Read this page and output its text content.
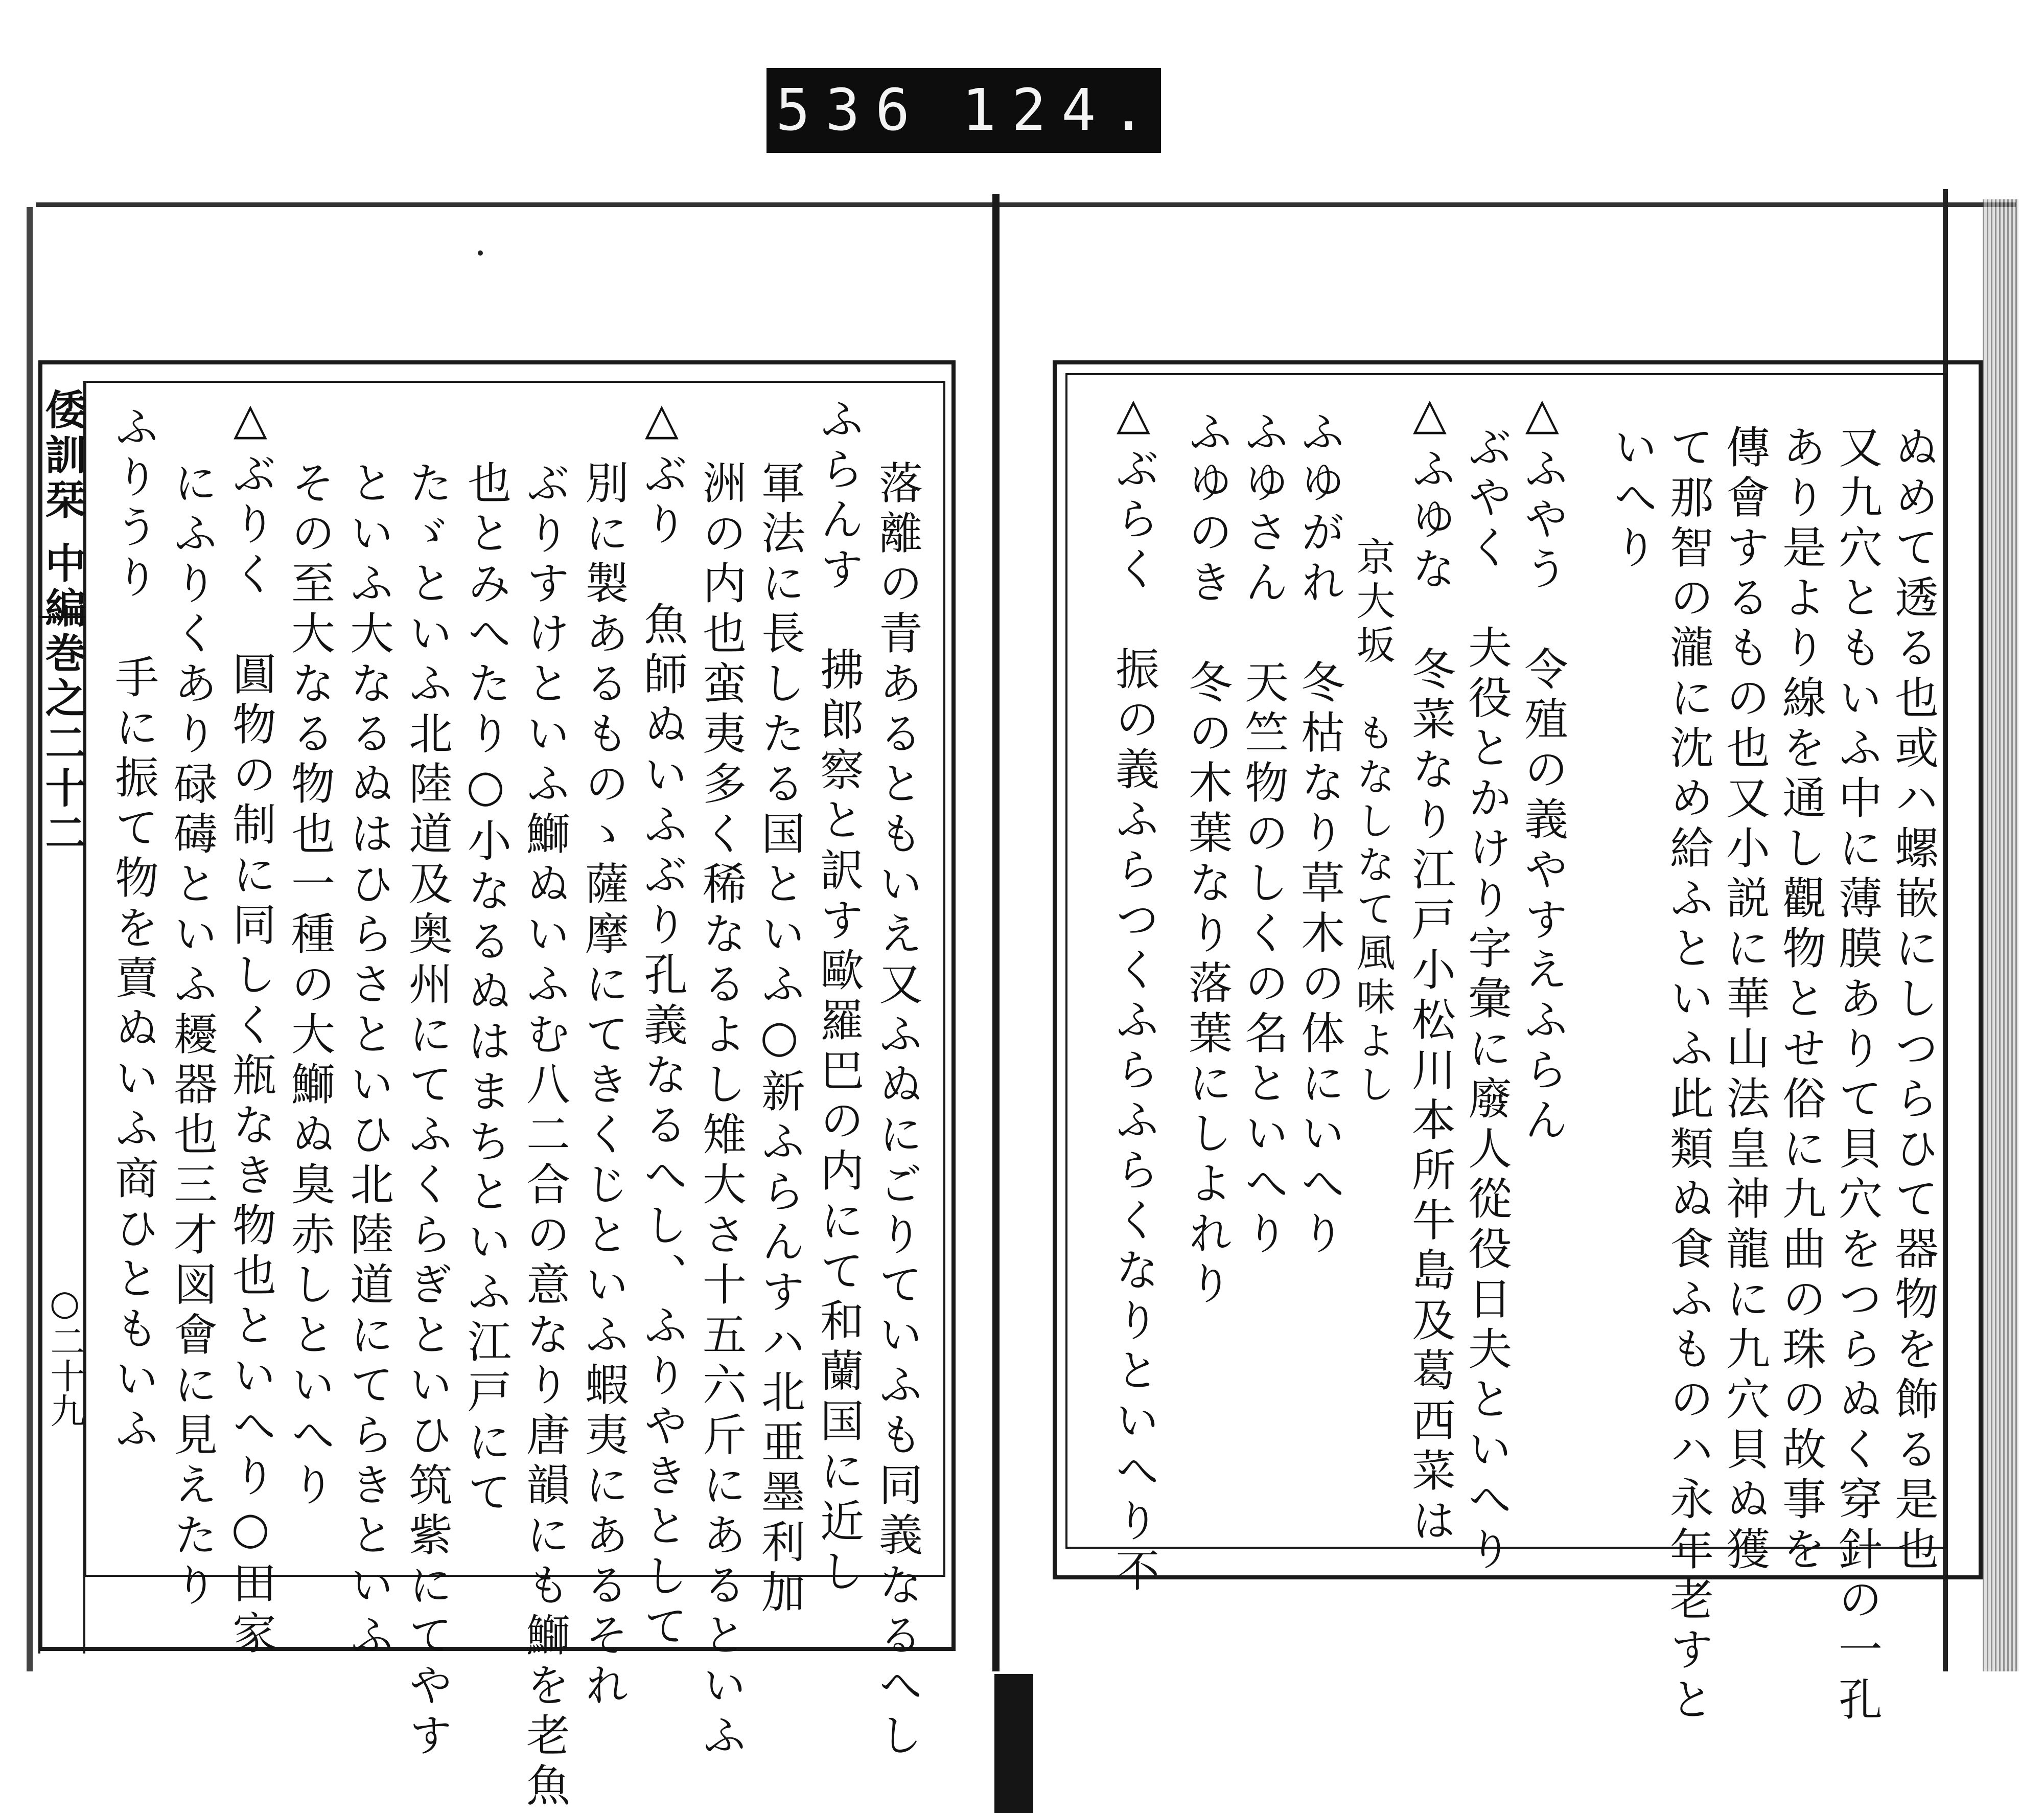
536 124.
倭訓栞 中編巻之二十二
○二十九	落離の青あるともいえ又ふぬにごりていふも同義なるへし
ふらんす　拂郎察と訳す歐羅巴の内にて和蘭国に近し
軍法に長したる国といふ○新ふらんすハ北亜墨利加
洲の内也蛮夷多く稀なるよし雉大さ十五六斤にあるといふ
△ぶり　魚師ぬいふぶり孔義なるへし、ふりやきとして
別に製あるものゝ薩摩にてきくじといふ蝦夷にあるそれ
ぶりすけといふ鰤ぬいふむ八二合の意なり唐韻にも鰤を老魚
也とみへたり○小なるぬはまちといふ江戸にて
たゞといふ北陸道及奥州にてふくらぎといひ筑紫にてやす
といふ大なるぬはひらさといひ北陸道にてらきといふ
その至大なる物也一種の大鰤ぬ臭赤しといへり
△ぶりく　圓物の制に同しく瓶なき物也といへり○田家
にふりくあり碌碡といふ耰器也三才図會に見えたり
ふりうり　手に振て物を賣ぬいふ商ひともいふ	ぬめて透る也或ハ螺嵌にしつらひて器物を飾る是也
又九穴ともいふ中に薄膜ありて貝穴をつらぬく穿針の一孔
あり是より線を通し觀物とせ俗に九曲の珠の故事を
傳會するもの也又小説に華山法皇神龍に九穴貝ぬ獲
て那智の瀧に沈め給ふといふ此類ぬ食ふものハ永年老すと
いへり
△ふやう　令殖の義やすえふらん
ぶやく　夫役とかけり字彙に廢人從役日夫といへり
△ふゆな　冬菜なり江戸小松川本所牛島及葛西菜は
京大坂　もなしなて風味よし
ふゆがれ　冬枯なり草木の体にいへり
ふゆさん　天竺物のしくの名といへり
ふゆのき　冬の木葉なり落葉にしよれり
△ぶらく　振の義ふらつくふらふらくなりといへり不
